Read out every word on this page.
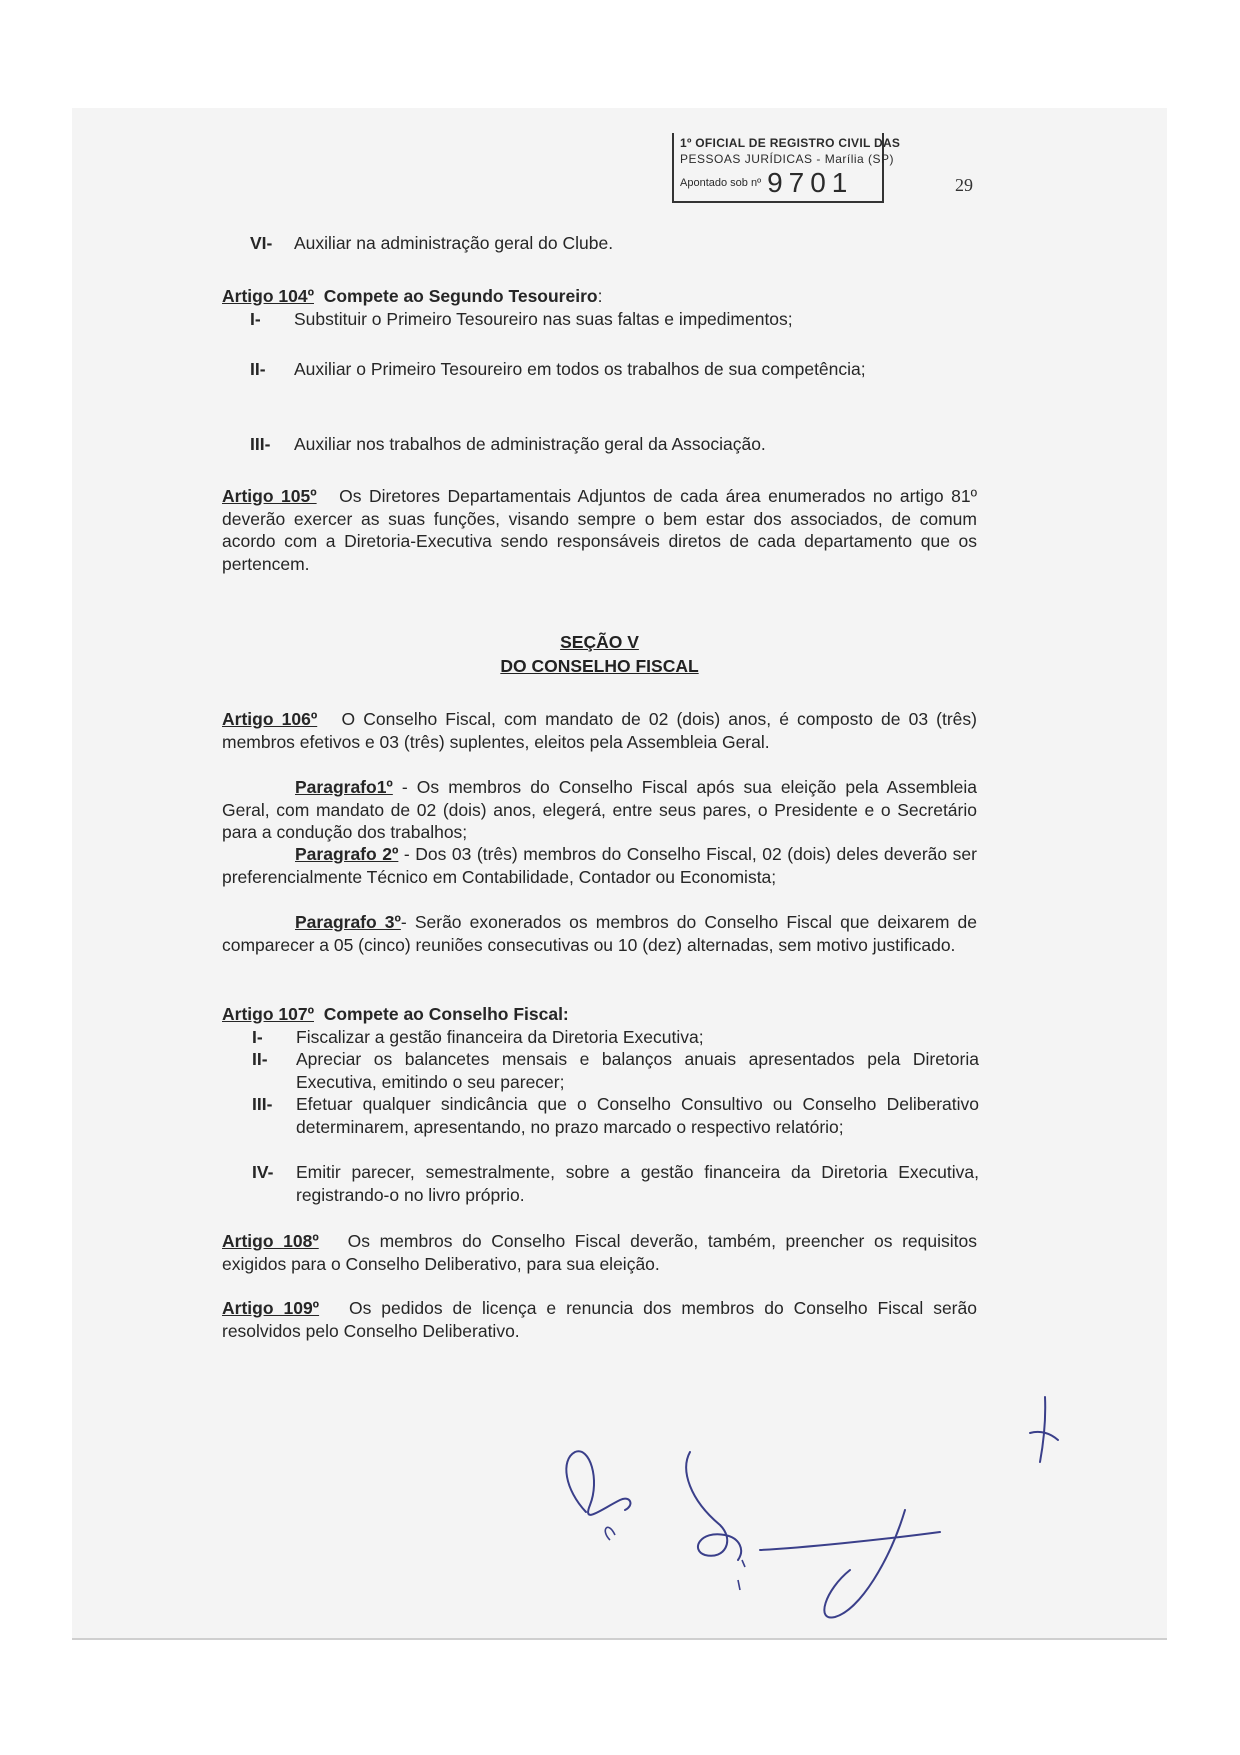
1º OFICIAL DE REGISTRO CIVIL DAS
PESSOAS JURÍDICAS - Marília (SP)
Apontado sob nº 9701	29
VI- Auxiliar na administração geral do Clube.
Artigo 104º Compete ao Segundo Tesoureiro:
I- Substituir o Primeiro Tesoureiro nas suas faltas e impedimentos;
II- Auxiliar o Primeiro Tesoureiro em todos os trabalhos de sua competência;
III- Auxiliar nos trabalhos de administração geral da Associação.
Artigo 105º Os Diretores Departamentais Adjuntos de cada área enumerados no artigo 81º deverão exercer as suas funções, visando sempre o bem estar dos associados, de comum acordo com a Diretoria-Executiva sendo responsáveis diretos de cada departamento que os pertencem.
SEÇÃO V
DO CONSELHO FISCAL
Artigo 106º O Conselho Fiscal, com mandato de 02 (dois) anos, é composto de 03 (três) membros efetivos e 03 (três) suplentes, eleitos pela Assembleia Geral.
Paragrafo1º - Os membros do Conselho Fiscal após sua eleição pela Assembleia Geral, com mandato de 02 (dois) anos, elegerá, entre seus pares, o Presidente e o Secretário para a condução dos trabalhos;
Paragrafo 2º - Dos 03 (três) membros do Conselho Fiscal, 02 (dois) deles deverão ser preferencialmente Técnico em Contabilidade, Contador ou Economista;
Paragrafo 3º- Serão exonerados os membros do Conselho Fiscal que deixarem de comparecer a 05 (cinco) reuniões consecutivas ou 10 (dez) alternadas, sem motivo justificado.
Artigo 107º Compete ao Conselho Fiscal:
I- Fiscalizar a gestão financeira da Diretoria Executiva;
II- Apreciar os balancetes mensais e balanços anuais apresentados pela Diretoria Executiva, emitindo o seu parecer;
III- Efetuar qualquer sindicância que o Conselho Consultivo ou Conselho Deliberativo determinarem, apresentando, no prazo marcado o respectivo relatório;
IV- Emitir parecer, semestralmente, sobre a gestão financeira da Diretoria Executiva, registrando-o no livro próprio.
Artigo 108º Os membros do Conselho Fiscal deverão, também, preencher os requisitos exigidos para o Conselho Deliberativo, para sua eleição.
Artigo 109º Os pedidos de licença e renuncia dos membros do Conselho Fiscal serão resolvidos pelo Conselho Deliberativo.
